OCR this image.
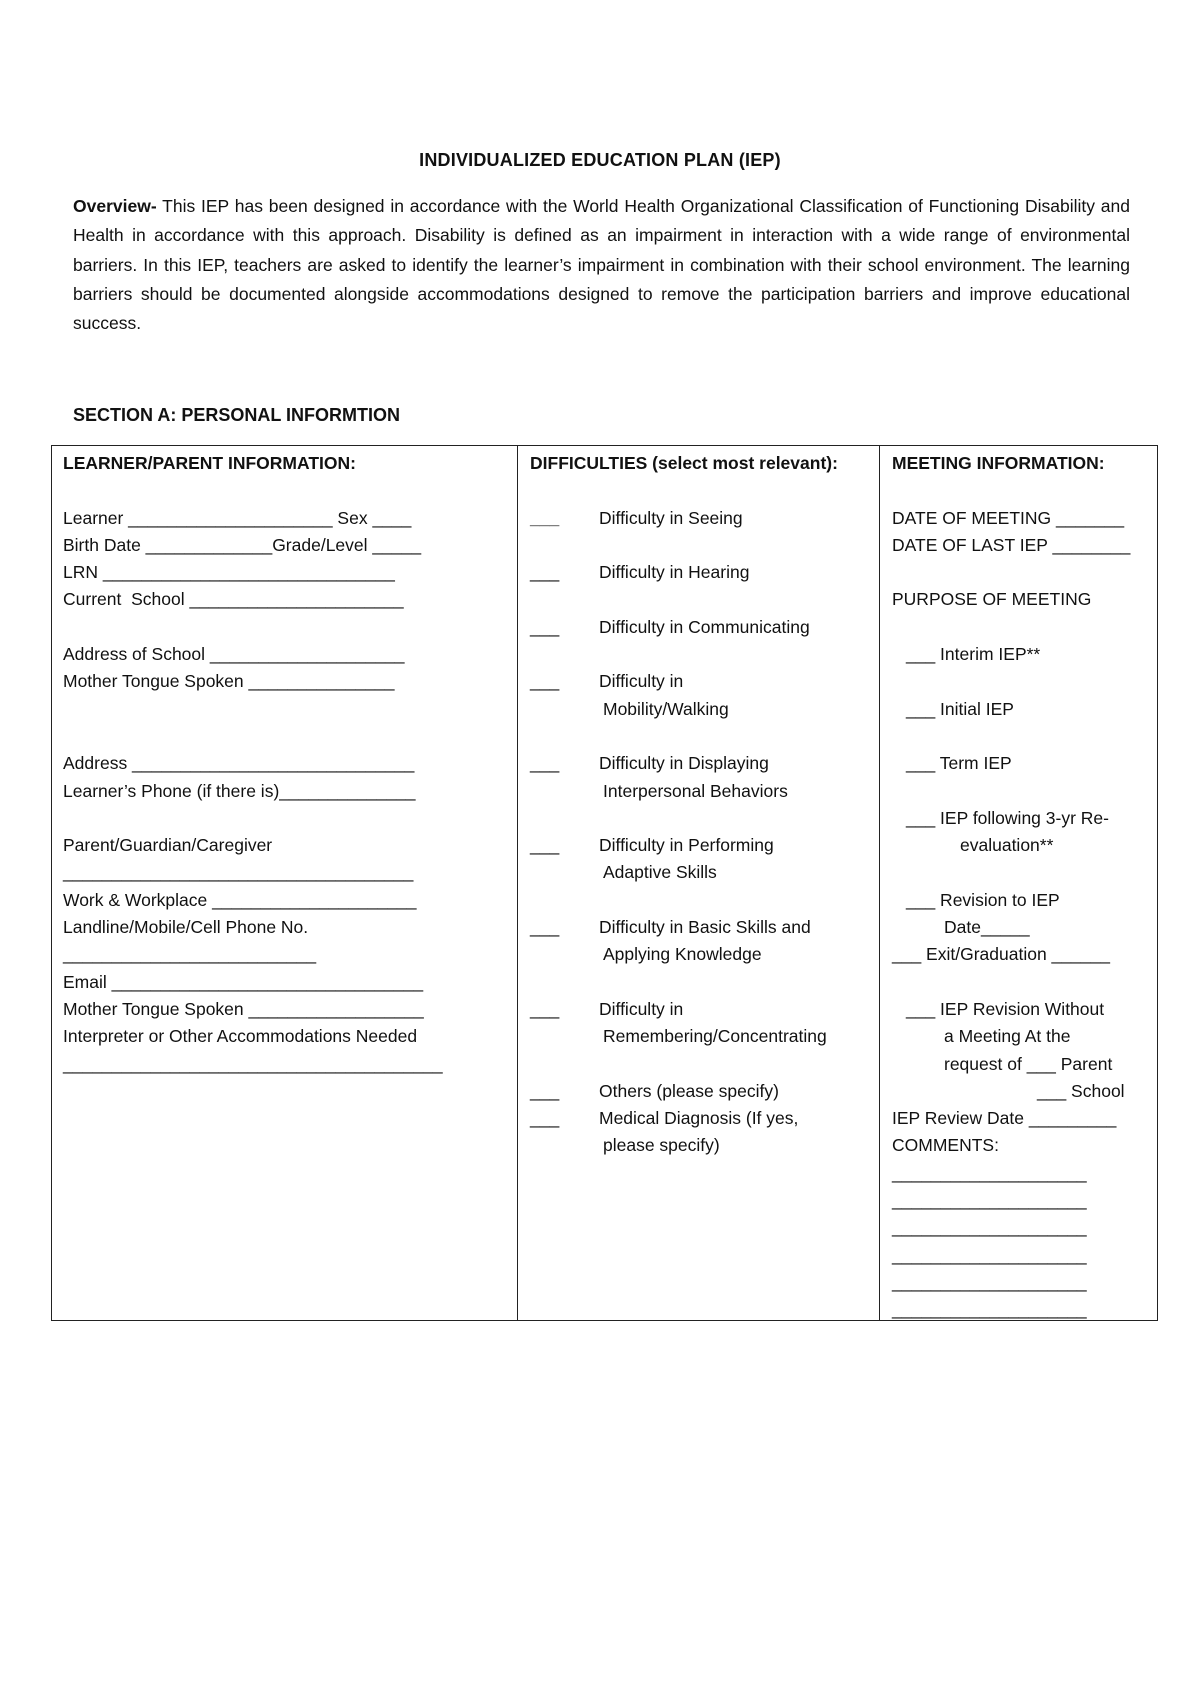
INDIVIDUALIZED EDUCATION PLAN (IEP)
Overview- This IEP has been designed in accordance with the World Health Organizational Classification of Functioning Disability and Health in accordance with this approach. Disability is defined as an impairment in interaction with a wide range of environmental barriers. In this IEP, teachers are asked to identify the learner’s impairment in combination with their school environment. The learning barriers should be documented alongside accommodations designed to remove the participation barriers and improve educational success.
SECTION A: PERSONAL INFORMTION
LEARNER/PARENT INFORMATION:
Learner _____________________ Sex ____
Birth Date _____________Grade/Level _____
LRN ______________________________
Current  School ______________________
Address of School ____________________
Mother Tongue Spoken _______________
Address _____________________________
Learner’s Phone (if there is)______________
Parent/Guardian/Caregiver
____________________________________
Work & Workplace _____________________
Landline/Mobile/Cell Phone No.
__________________________
Email ________________________________
Mother Tongue Spoken __________________
Interpreter or Other Accommodations Needed
_______________________________________
DIFFICULTIES (select most relevant):
___ Difficulty in Seeing
___ Difficulty in Hearing
___ Difficulty in Communicating
___ Difficulty in
Mobility/Walking
___ Difficulty in Displaying
Interpersonal Behaviors
___ Difficulty in Performing
Adaptive Skills
___ Difficulty in Basic Skills and
Applying Knowledge
___ Difficulty in
Remembering/Concentrating
___ Others (please specify)
___ Medical Diagnosis (If yes,
please specify)
MEETING INFORMATION:
DATE OF MEETING _______
DATE OF LAST IEP ________
PURPOSE OF MEETING
___ Interim IEP**
___ Initial IEP
___ Term IEP
___ IEP following 3-yr Re-
evaluation**
___ Revision to IEP
Date_____
___ Exit/Graduation ______
___ IEP Revision Without
a Meeting At the
request of ___ Parent
___ School
IEP Review Date _________
COMMENTS:
____________________
____________________
____________________
____________________
____________________
____________________
